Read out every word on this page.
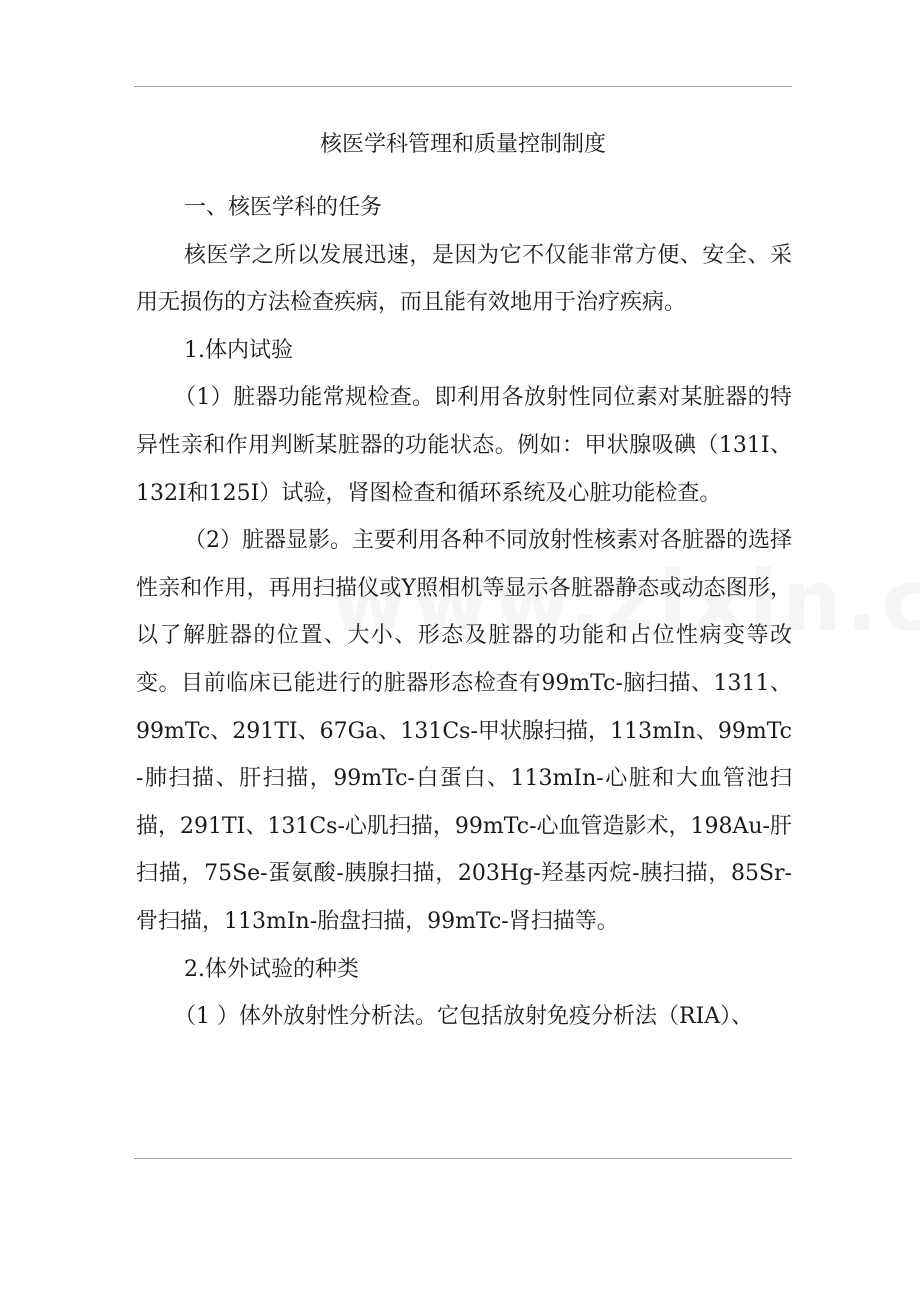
核医学科管理和质量控制制度

一、核医学科的任务

核医学之所以发展迅速，是因为它不仅能非常方便、安全、采用无损伤的方法检查疾病，而且能有效地用于治疗疾病。

1.体内试验

（1）脏器功能常规检查。即利用各放射性同位素对某脏器的特异性亲和作用判断某脏器的功能状态。例如：甲状腺吸碘（131I、132I和125I）试验，肾图检查和循环系统及心脏功能检查。

（2）脏器显影。主要利用各种不同放射性核素对各脏器的选择性亲和作用，再用扫描仪或Y照相机等显示各脏器静态或动态图形，以了解脏器的位置、大小、形态及脏器的功能和占位性病变等改变。目前临床已能进行的脏器形态检查有99mTc-脑扫描、1311、99mTc、291TI、67Ga、131Cs-甲状腺扫描，113mIn、99mTc-肺扫描、肝扫描，99mTc-白蛋白、113mIn-心脏和大血管池扫描，291TI、131Cs-心肌扫描，99mTc-心血管造影术，198Au-肝扫描，75Se-蛋氨酸-胰腺扫描，203Hg-羟基丙烷-胰扫描，85Sr-骨扫描，113mIn-胎盘扫描，99mTc-肾扫描等。

2.体外试验的种类

（1 ）体外放射性分析法。它包括放射免疫分析法（RIA）、
